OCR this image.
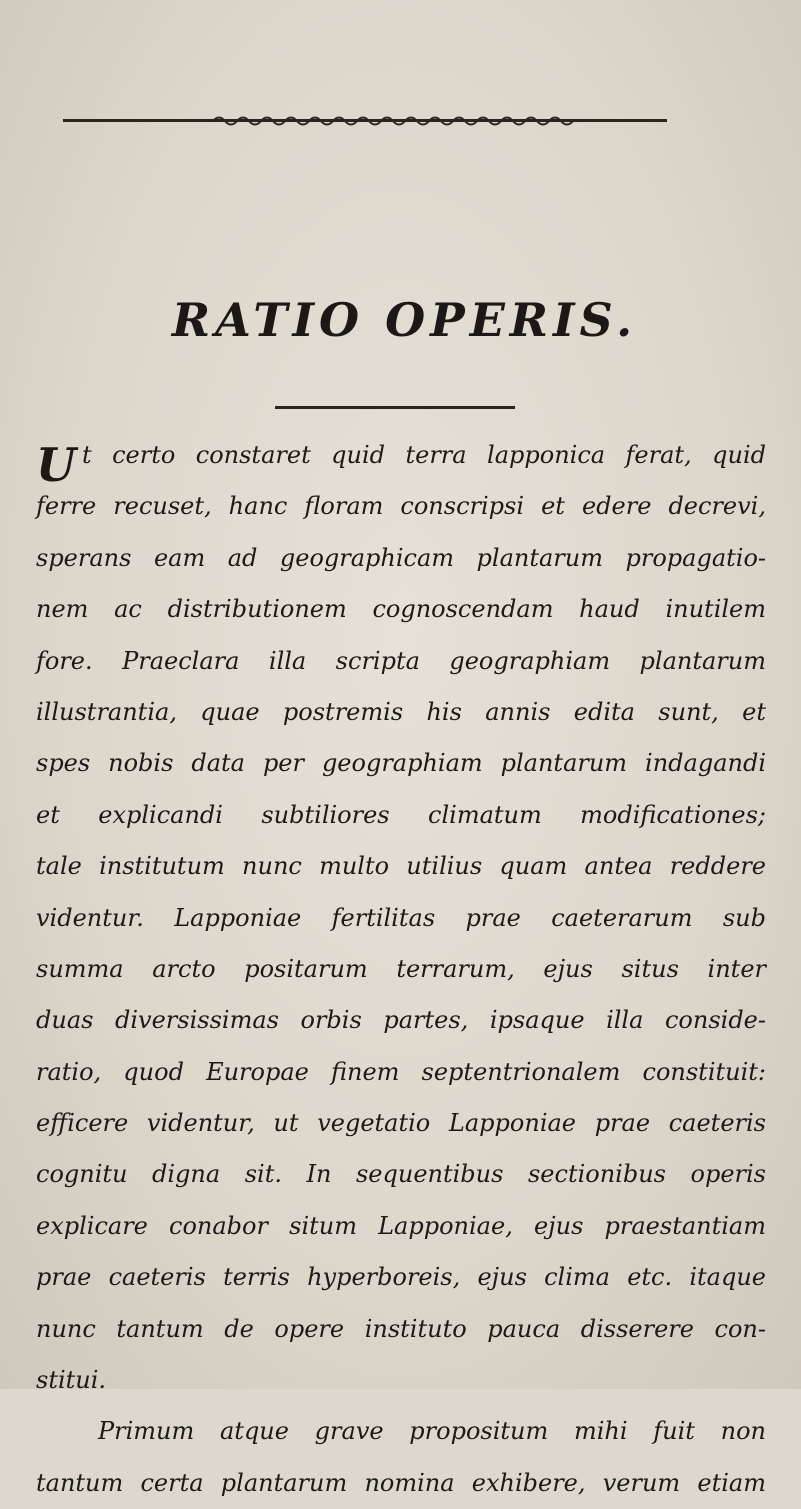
RATIO OPERIS.
U t certo constaret quid terra lapponica ferat, quid
ferre recuset, hanc floram conscripsi et edere decrevi,
sperans eam ad geographicam plantarum propagatio-
nem ac distributionem cognoscendam haud inutilem
fore. Praeclara illa scripta geographiam plantarum
illustrantia, quae postremis his annis edita sunt, et
spes nobis data per geographiam plantarum indagandi
et explicandi subtiliores climatum modificationes;
tale institutum nunc multo utilius quam antea reddere
videntur. Lapponiae fertilitas prae caeterarum sub
summa arcto positarum terrarum, ejus situs inter
duas diversissimas orbis partes, ipsaque illa conside-
ratio, quod Europae finem septentrionalem constituit:
efficere videntur, ut vegetatio Lapponiae prae caeteris
cognitu digna sit. In sequentibus sectionibus operis
explicare conabor situm Lapponiae, ejus praestantiam
prae caeteris terris hyperboreis, ejus clima etc. itaque
nunc tantum de opere instituto pauca disserere con-
stitui.
Primum atque grave propositum mihi fuit non
tantum certa plantarum nomina exhibere, verum etiam
